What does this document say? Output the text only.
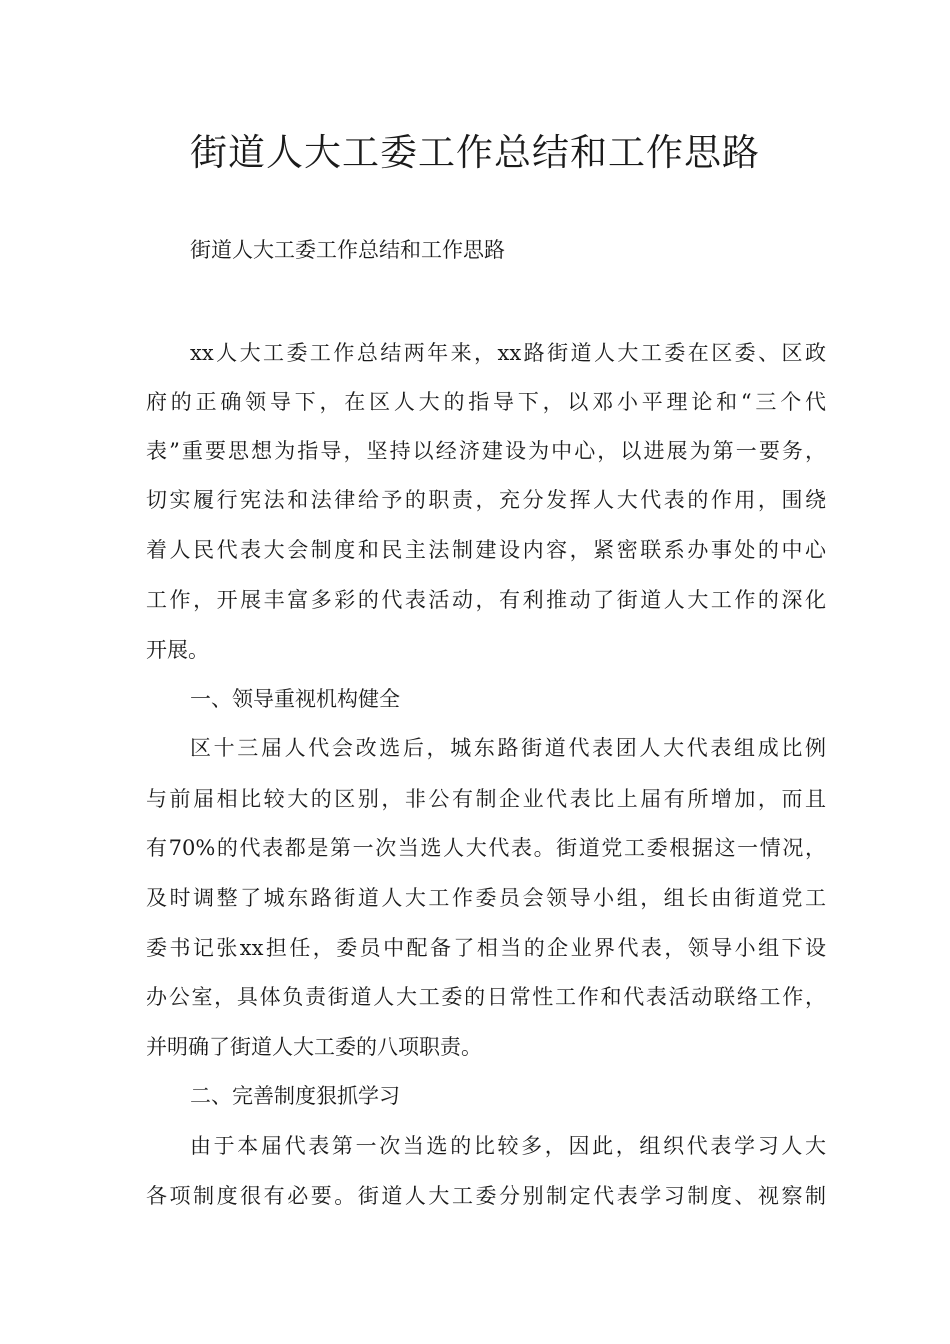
街道人大工委工作总结和工作思路
街道人大工委工作总结和工作思路
xx人大工委工作总结两年来，xx路街道人大工委在区委、区政
府的正确领导下，在区人大的指导下，以邓小平理论和“三个代
表”重要思想为指导，坚持以经济建设为中心，以进展为第一要务，
切实履行宪法和法律给予的职责，充分发挥人大代表的作用，围绕
着人民代表大会制度和民主法制建设内容，紧密联系办事处的中心
工作，开展丰富多彩的代表活动，有利推动了街道人大工作的深化
开展。
一、领导重视机构健全
区十三届人代会改选后，城东路街道代表团人大代表组成比例
与前届相比较大的区别，非公有制企业代表比上届有所增加，而且
有70%的代表都是第一次当选人大代表。街道党工委根据这一情况，
及时调整了城东路街道人大工作委员会领导小组，组长由街道党工
委书记张xx担任，委员中配备了相当的企业界代表，领导小组下设
办公室，具体负责街道人大工委的日常性工作和代表活动联络工作，
并明确了街道人大工委的八项职责。
二、完善制度狠抓学习
由于本届代表第一次当选的比较多，因此，组织代表学习人大
各项制度很有必要。街道人大工委分别制定代表学习制度、视察制
